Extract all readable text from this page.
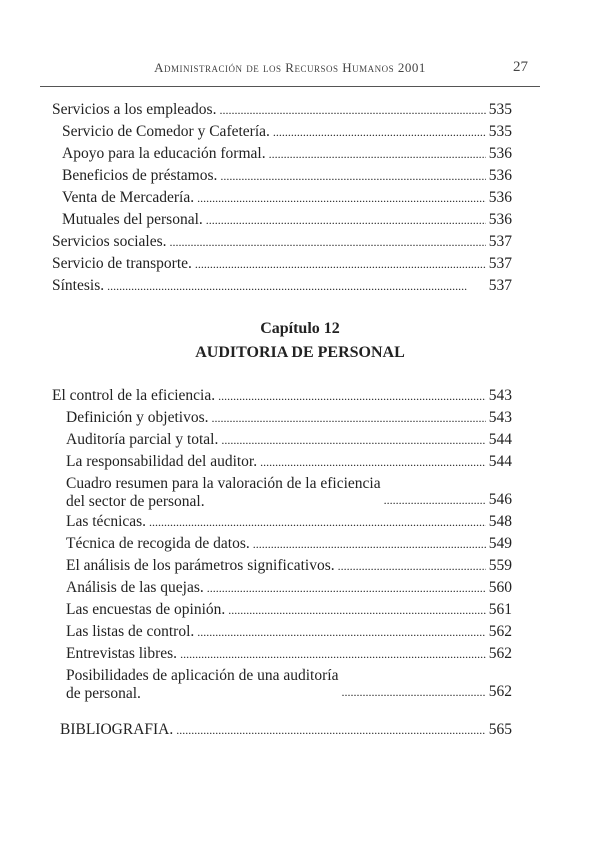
Administración de los Recursos Humanos 2001	27
Servicios a los empleados. . . .	535
Servicio de Comedor y Cafetería. . . .	535
Apoyo para la educación formal. . . .	536
Beneficios de préstamos. . . .	536
Venta de Mercadería. . . .	536
Mutuales del personal. . . .	536
Servicios sociales. . . .	537
Servicio de transporte. . . .	537
Síntesis. . . .	537
Capítulo 12
AUDITORIA DE PERSONAL
El control de la eficiencia. . . .	543
Definición y objetivos. . . .	543
Auditoría parcial y total. . . .	544
La responsabilidad del auditor. . . .	544
Cuadro resumen para la valoración de la eficiencia
del sector de personal. . . .	546
Las técnicas. . . .	548
Técnica de recogida de datos. . . .	549
El análisis de los parámetros significativos. . . .	559
Análisis de las quejas. . . .	560
Las encuestas de opinión. . . .	561
Las listas de control. . . .	562
Entrevistas libres. . . .	562
Posibilidades de aplicación de una auditoría
de personal. . . .	562
BIBLIOGRAFIA. . . .	565
